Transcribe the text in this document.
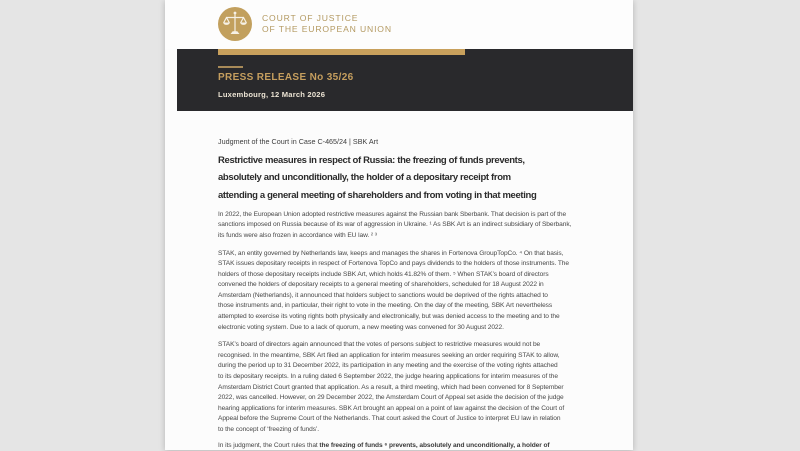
COURT OF JUSTICE
OF THE EUROPEAN UNION
PRESS RELEASE No 35/26
Luxembourg, 12 March 2026
Judgment of the Court in Case C-465/24 | SBK Art
Restrictive measures in respect of Russia: the freezing of funds prevents,
absolutely and unconditionally, the holder of a depositary receipt from
attending a general meeting of shareholders and from voting in that meeting
In 2022, the European Union adopted restrictive measures against the Russian bank Sberbank. That decision is part of the
sanctions imposed on Russia because of its war of aggression in Ukraine. ¹ As SBK Art is an indirect subsidiary of Sberbank,
its funds were also frozen in accordance with EU law. ² ³
STAK, an entity governed by Netherlands law, keeps and manages the shares in Fortenova GroupTopCo. ⁴ On that basis,
STAK issues depositary receipts in respect of Fortenova TopCo and pays dividends to the holders of those instruments. The
holders of those depositary receipts include SBK Art, which holds 41.82% of them. ⁵ When STAK’s board of directors
convened the holders of depositary receipts to a general meeting of shareholders, scheduled for 18 August 2022 in
Amsterdam (Netherlands), it announced that holders subject to sanctions would be deprived of the rights attached to
those instruments and, in particular, their right to vote in the meeting. On the day of the meeting, SBK Art nevertheless
attempted to exercise its voting rights both physically and electronically, but was denied access to the meeting and to the
electronic voting system. Due to a lack of quorum, a new meeting was convened for 30 August 2022.
STAK’s board of directors again announced that the votes of persons subject to restrictive measures would not be
recognised. In the meantime, SBK Art filed an application for interim measures seeking an order requiring STAK to allow,
during the period up to 31 December 2022, its participation in any meeting and the exercise of the voting rights attached
to its depositary receipts. In a ruling dated 6 September 2022, the judge hearing applications for interim measures of the
Amsterdam District Court granted that application. As a result, a third meeting, which had been convened for 8 September
2022, was cancelled. However, on 29 December 2022, the Amsterdam Court of Appeal set aside the decision of the judge
hearing applications for interim measures. SBK Art brought an appeal on a point of law against the decision of the Court of
Appeal before the Supreme Court of the Netherlands. That court asked the Court of Justice to interpret EU law in relation
to the concept of ‘freezing of funds’.
In its judgment, the Court rules that the freezing of funds ⁶ prevents, absolutely and unconditionally, a holder of
